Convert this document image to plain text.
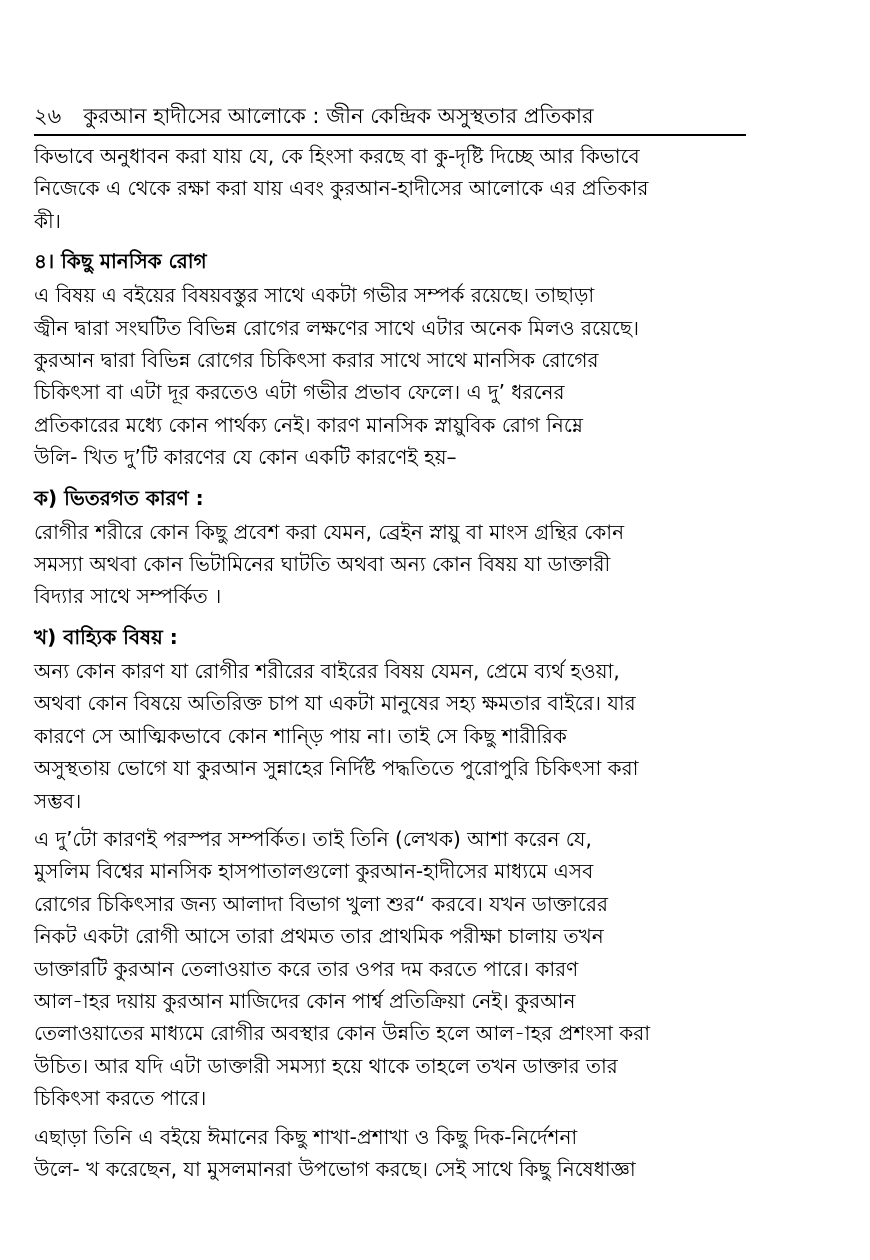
২৬ কুরআন হাদীসের আলোকে : জীন কেন্দ্রিক অসুস্থতার প্রতিকার
কিভাবে অনুধাবন করা যায় যে, কে হিংসা করছে বা কু-দৃষ্টি দিচ্ছে আর কিভাবে
নিজেকে এ থেকে রক্ষা করা যায় এবং কুরআন-হাদীসের আলোকে এর প্রতিকার
কী।
৪। কিছু মানসিক রোগ
এ বিষয় এ বইয়ের বিষয়বস্তুর সাথে একটা গভীর সম্পর্ক রয়েছে। তাছাড়া
জ্বীন দ্বারা সংঘটিত বিভিন্ন রোগের লক্ষণের সাথে এটার অনেক মিলও রয়েছে।
কুরআন দ্বারা বিভিন্ন রোগের চিকিৎসা করার সাথে সাথে মানসিক রোগের
চিকিৎসা বা এটা দূর করতেও এটা গভীর প্রভাব ফেলে। এ দু’ ধরনের
প্রতিকারের মধ্যে কোন পার্থক্য নেই। কারণ মানসিক স্নায়ুবিক রোগ নিম্নে
উলি- খিত দু’টি কারণের যে কোন একটি কারণেই হয়–
ক) ভিতরগত কারণ :
রোগীর শরীরে কোন কিছু প্রবেশ করা যেমন, ব্রেইন স্নায়ু বা মাংস গ্রন্থির কোন
সমস্যা অথবা কোন ভিটামিনের ঘাটতি অথবা অন্য কোন বিষয় যা ডাক্তারী
বিদ্যার সাথে সম্পর্কিত ।
খ) বাহ্যিক বিষয় :
অন্য কোন কারণ যা রোগীর শরীরের বাইরের বিষয় যেমন, প্রেমে ব্যর্থ হওয়া,
অথবা কোন বিষয়ে অতিরিক্ত চাপ যা একটা মানুষের সহ্য ক্ষমতার বাইরে। যার
কারণে সে আত্মিকভাবে কোন শান্ড়ি পায় না। তাই সে কিছু শারীরিক
অসুস্থতায় ভোগে যা কুরআন সুন্নাহের নির্দিষ্ট পদ্ধতিতে পুরোপুরি চিকিৎসা করা
সম্ভব।
এ দু’টো কারণই পরস্পর সম্পর্কিত। তাই তিনি (লেখক) আশা করেন যে,
মুসলিম বিশ্বের মানসিক হাসপাতালগুলো কুরআন-হাদীসের মাধ্যমে এসব
রোগের চিকিৎসার জন্য আলাদা বিভাগ খুলা শুর“ করবে। যখন ডাক্তারের
নিকট একটা রোগী আসে তারা প্রথমত তার প্রাথমিক পরীক্ষা চালায় তখন
ডাক্তারটি কুরআন তেলাওয়াত করে তার ওপর দম করতে পারে। কারণ
আল-াহর দয়ায় কুরআন মাজিদের কোন পার্শ্ব প্রতিক্রিয়া নেই। কুরআন
তেলাওয়াতের মাধ্যমে রোগীর অবস্থার কোন উন্নতি হলে আল-াহর প্রশংসা করা
উচিত। আর যদি এটা ডাক্তারী সমস্যা হয়ে থাকে তাহলে তখন ডাক্তার তার
চিকিৎসা করতে পারে।
এছাড়া তিনি এ বইয়ে ঈমানের কিছু শাখা-প্রশাখা ও কিছু দিক-নির্দেশনা
উলে- খ করেছেন, যা মুসলমানরা উপভোগ করছে। সেই সাথে কিছু নিষেধাজ্ঞা
